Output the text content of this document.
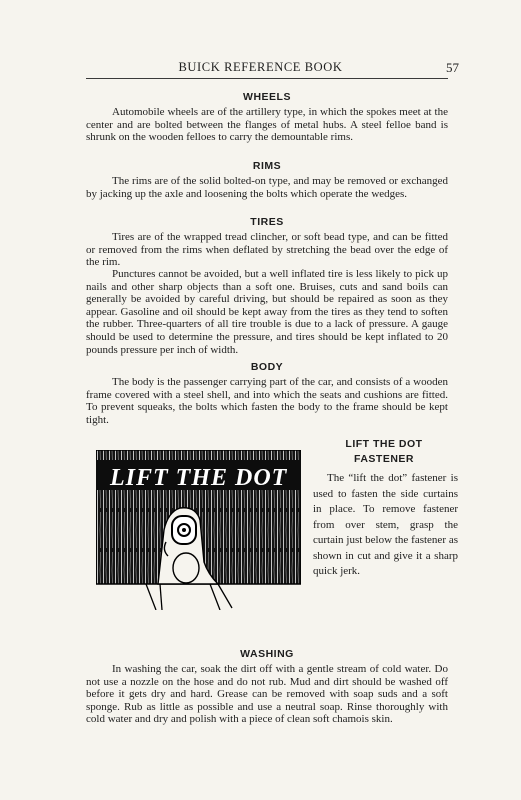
BUICK REFERENCE BOOK	57
WHEELS

Automobile wheels are of the artillery type, in which the spokes meet at the center and are bolted between the flanges of metal hubs. A steel felloe band is shrunk on the wooden felloes to carry the demountable rims.

RIMS

The rims are of the solid bolted-on type, and may be removed or exchanged by jacking up the axle and loosening the bolts which operate the wedges.

TIRES

Tires are of the wrapped tread clincher, or soft bead type, and can be fitted or removed from the rims when deflated by stretching the bead over the edge of the rim.

Punctures cannot be avoided, but a well inflated tire is less likely to pick up nails and other sharp objects than a soft one. Bruises, cuts and sand boils can generally be avoided by careful driving, but should be repaired as soon as they appear. Gasoline and oil should be kept away from the tires as they tend to soften the rubber. Three-quarters of all tire trouble is due to a lack of pressure. A gauge should be used to determine the pressure, and tires should be kept inflated to 20 pounds pressure per inch of width.

BODY

The body is the passenger carrying part of the car, and consists of a wooden frame covered with a steel shell, and into which the seats and cushions are fitted. To prevent squeaks, the bolts which fasten the body to the frame should be kept tight.

LIFT THE DOT
LIFT THE DOT
FASTENER

The “lift the dot” fastener is used to fasten the side curtains in place. To remove fastener from over stem, grasp the curtain just below the fastener as shown in cut and give it a sharp quick jerk.

WASHING

In washing the car, soak the dirt off with a gentle stream of cold water. Do not use a nozzle on the hose and do not rub. Mud and dirt should be washed off before it gets dry and hard. Grease can be removed with soap suds and a soft sponge. Rub as little as possible and use a neutral soap. Rinse thoroughly with cold water and dry and polish with a piece of clean soft chamois skin.
